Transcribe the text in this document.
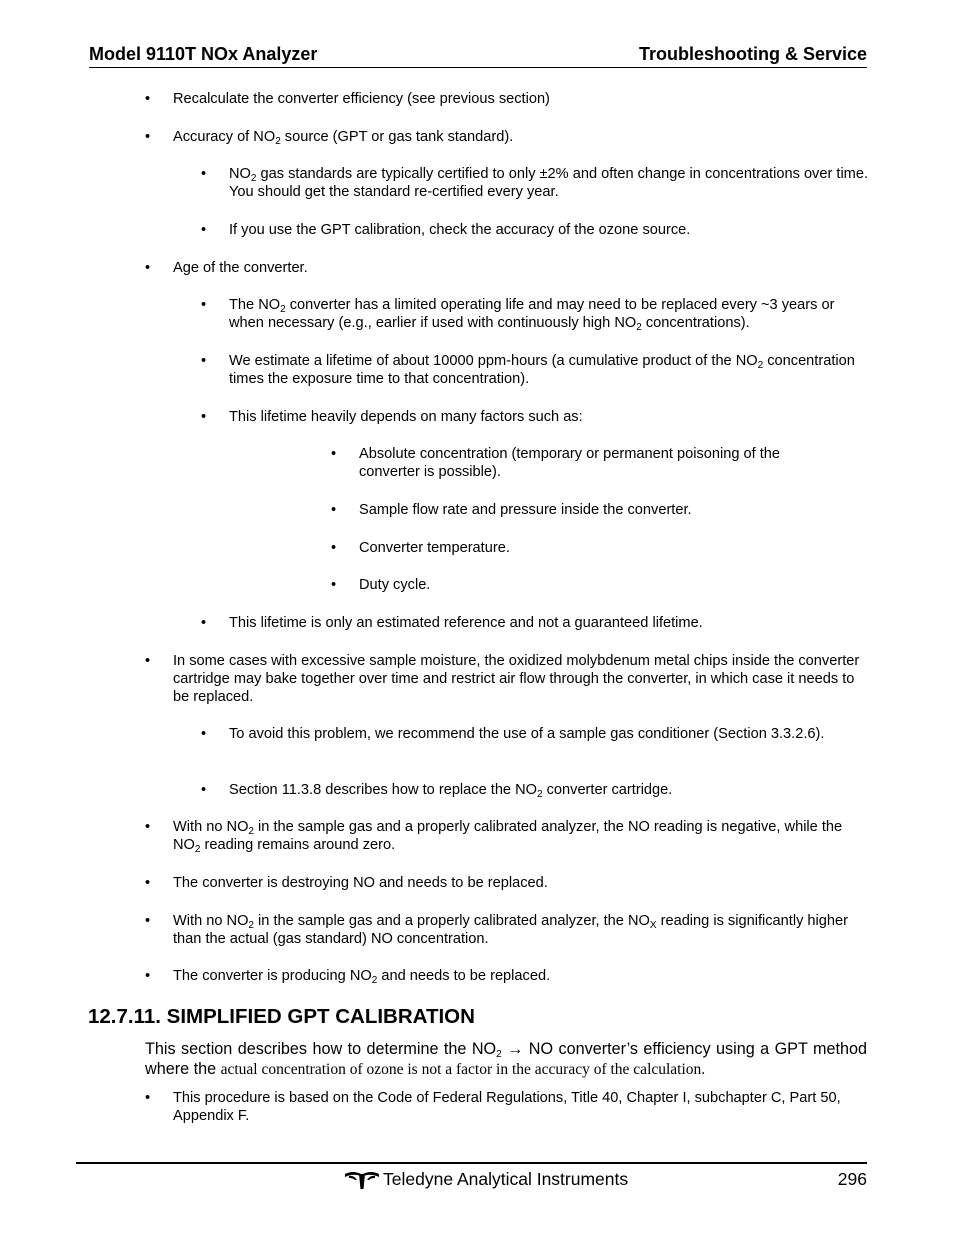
Model 9110T NOx Analyzer	Troubleshooting & Service
• Recalculate the converter efficiency (see previous section)
• Accuracy of $NO_2$ source (GPT or gas tank standard).
• $NO_2$ gas standards are typically certified to only ±2% and often change in concentrations over time. You should get the standard re-certified every year.
• If you use the GPT calibration, check the accuracy of the ozone source.
• Age of the converter.
• The $NO_2$ converter has a limited operating life and may need to be replaced every ~3 years or when necessary (e.g., earlier if used with continuously high $NO_2$ concentrations).
• We estimate a lifetime of about 10000 ppm-hours (a cumulative product of the $NO_2$ concentration times the exposure time to that concentration).
• This lifetime heavily depends on many factors such as:
• Absolute concentration (temporary or permanent poisoning of the converter is possible).
• Sample flow rate and pressure inside the converter.
• Converter temperature.
• Duty cycle.
• This lifetime is only an estimated reference and not a guaranteed lifetime.
• In some cases with excessive sample moisture, the oxidized molybdenum metal chips inside the converter cartridge may bake together over time and restrict air flow through the converter, in which case it needs to be replaced.
• To avoid this problem, we recommend the use of a sample gas conditioner (Section 3.3.2.6).
• Section 11.3.8 describes how to replace the $NO_2$ converter cartridge.
• With no $NO_2$ in the sample gas and a properly calibrated analyzer, the NO reading is negative, while the $NO_2$ reading remains around zero.
• The converter is destroying NO and needs to be replaced.
• With no $NO_2$ in the sample gas and a properly calibrated analyzer, the $NO_X$ reading is significantly higher than the actual (gas standard) NO concentration.
• The converter is producing $NO_2$ and needs to be replaced.
12.7.11. SIMPLIFIED GPT CALIBRATION
This section describes how to determine the $NO_2$ → NO converter’s efficiency using a GPT method where the actual concentration of ozone is not a factor in the accuracy of the calculation.
• This procedure is based on the Code of Federal Regulations, Title 40, Chapter I, subchapter C, Part 50, Appendix F.
Teledyne Analytical Instruments	296
